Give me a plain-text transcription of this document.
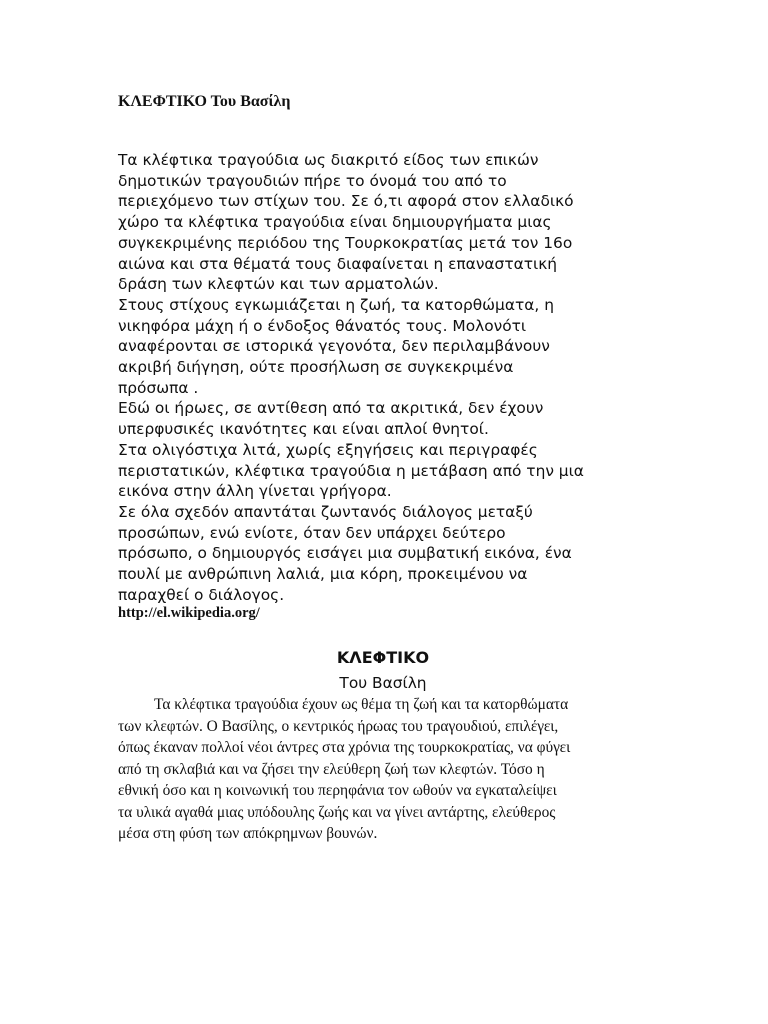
ΚΛΕΦΤΙΚΟ Του Βασίλη

Τα κλέφτικα τραγούδια ως διακριτό είδος των επικών

δημοτικών τραγουδιών πήρε το όνομά του από το

περιεχόμενο των στίχων του. Σε ό,τι αφορά στον ελλαδικό

χώρο τα κλέφτικα τραγούδια είναι δημιουργήματα μιας

συγκεκριμένης περιόδου της Τουρκοκρατίας μετά τον 16ο

αιώνα και στα θέματά τους διαφαίνεται η επαναστατική

δράση των κλεφτών και των αρματολών.

Στους στίχους εγκωμιάζεται η ζωή, τα κατορθώματα, η

νικηφόρα μάχη ή ο ένδοξος θάνατός τους. Μολονότι

αναφέρονται σε ιστορικά γεγονότα, δεν περιλαμβάνουν

ακριβή διήγηση, ούτε προσήλωση σε συγκεκριμένα

πρόσωπα .

Εδώ οι ήρωες, σε αντίθεση από τα ακριτικά, δεν έχουν

υπερφυσικές ικανότητες και είναι απλοί θνητοί.

Στα ολιγόστιχα λιτά, χωρίς εξηγήσεις και περιγραφές

περιστατικών, κλέφτικα τραγούδια η μετάβαση από την μια

εικόνα στην άλλη γίνεται γρήγορα.

Σε όλα σχεδόν απαντάται ζωντανός διάλογος μεταξύ

προσώπων, ενώ ενίοτε, όταν δεν υπάρχει δεύτερο

πρόσωπο, ο δημιουργός εισάγει μια συμβατική εικόνα, ένα

πουλί με ανθρώπινη λαλιά, μια κόρη, προκειμένου να

παραχθεί ο διάλογος.

http://el.wikipedia.org/
ΚΛΕΦΤΙΚΟ
Του Βασίλη

Τα κλέφτικα τραγούδια έχουν ως θέμα τη ζωή και τα κατορθώματα

των κλεφτών. Ο Βασίλης, ο κεντρικός ήρωας του τραγουδιού, επιλέγει,

όπως έκαναν πολλοί νέοι άντρες στα χρόνια της τουρκοκρατίας, να φύγει

από τη σκλαβιά και να ζήσει την ελεύθερη ζωή των κλεφτών. Τόσο η

εθνική όσο και η κοινωνική του περηφάνια τον ωθούν να εγκαταλείψει

τα υλικά αγαθά μιας υπόδουλης ζωής και να γίνει αντάρτης, ελεύθερος

μέσα στη φύση των απόκρημνων βουνών.
